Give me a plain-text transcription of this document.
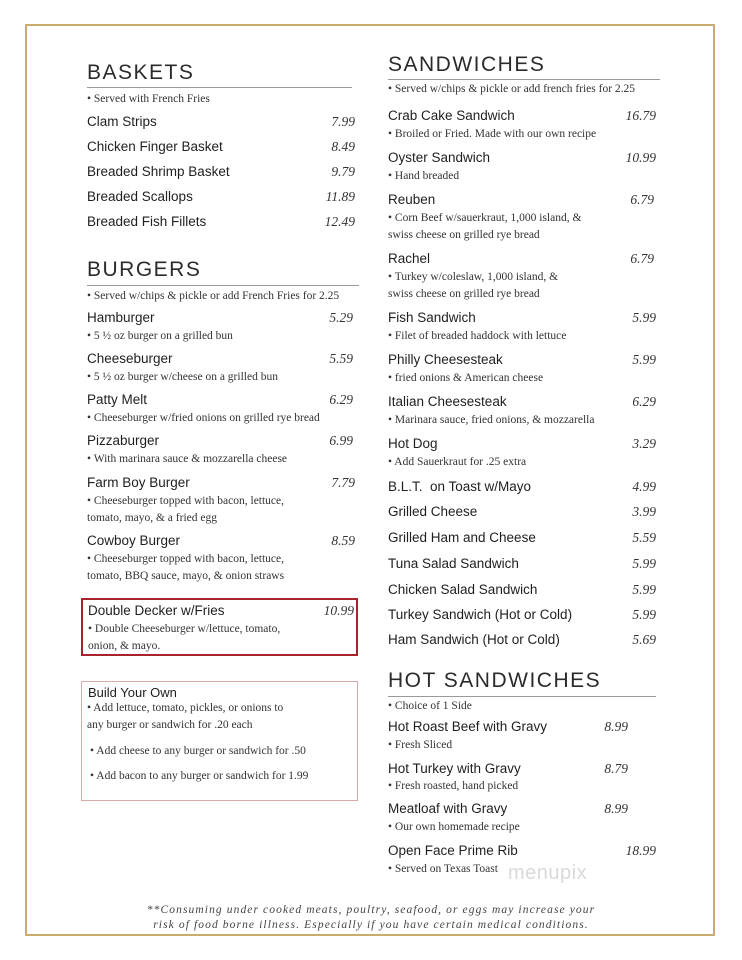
BASKETS
• Served with French Fries
Clam Strips	7.99
Chicken Finger Basket	8.49
Breaded Shrimp Basket	9.79
Breaded Scallops	11.89
Breaded Fish Fillets	12.49
BURGERS
• Served w/chips & pickle or add French Fries for 2.25
Hamburger	5.29
• 5 ½ oz burger on a grilled bun
Cheeseburger	5.59
• 5 ½ oz burger w/cheese on a grilled bun
Patty Melt	6.29
• Cheeseburger w/fried onions on grilled rye bread
Pizzaburger	6.99
• With marinara sauce & mozzarella cheese
Farm Boy Burger	7.79
• Cheeseburger topped with bacon, lettuce,
tomato, mayo, & a fried egg
Cowboy Burger	8.59
• Cheeseburger topped with bacon, lettuce,
tomato, BBQ sauce, mayo, & onion straws
Double Decker w/Fries	10.99
• Double Cheeseburger w/lettuce, tomato,
onion, & mayo.
Build Your Own
• Add lettuce, tomato, pickles, or onions to
any burger or sandwich for .20 each
• Add cheese to any burger or sandwich for .50
• Add bacon to any burger or sandwich for 1.99
SANDWICHES
• Served w/chips & pickle or add french fries for 2.25
Crab Cake Sandwich	16.79
• Broiled or Fried. Made with our own recipe
Oyster Sandwich	10.99
• Hand breaded
Reuben	6.79
• Corn Beef w/sauerkraut, 1,000 island, &
swiss cheese on grilled rye bread
Rachel	6.79
• Turkey w/coleslaw, 1,000 island, &
swiss cheese on grilled rye bread
Fish Sandwich	5.99
• Filet of breaded haddock with lettuce
Philly Cheesesteak	5.99
• fried onions & American cheese
Italian Cheesesteak	6.29
• Marinara sauce, fried onions, & mozzarella
Hot Dog	3.29
• Add Sauerkraut for .25 extra
B.L.T.  on Toast w/Mayo	4.99
Grilled Cheese	3.99
Grilled Ham and Cheese	5.59
Tuna Salad Sandwich	5.99
Chicken Salad Sandwich	5.99
Turkey Sandwich (Hot or Cold)	5.99
Ham Sandwich (Hot or Cold)	5.69
HOT SANDWICHES
• Choice of 1 Side
Hot Roast Beef with Gravy	8.99
• Fresh Sliced
Hot Turkey with Gravy	8.79
• Fresh roasted, hand picked
Meatloaf with Gravy	8.99
• Our own homemade recipe
Open Face Prime Rib	18.99
• Served on Texas Toast menupix
**Consuming under cooked meats, poultry, seafood, or eggs may increase your
risk of food borne illness. Especially if you have certain medical conditions.
